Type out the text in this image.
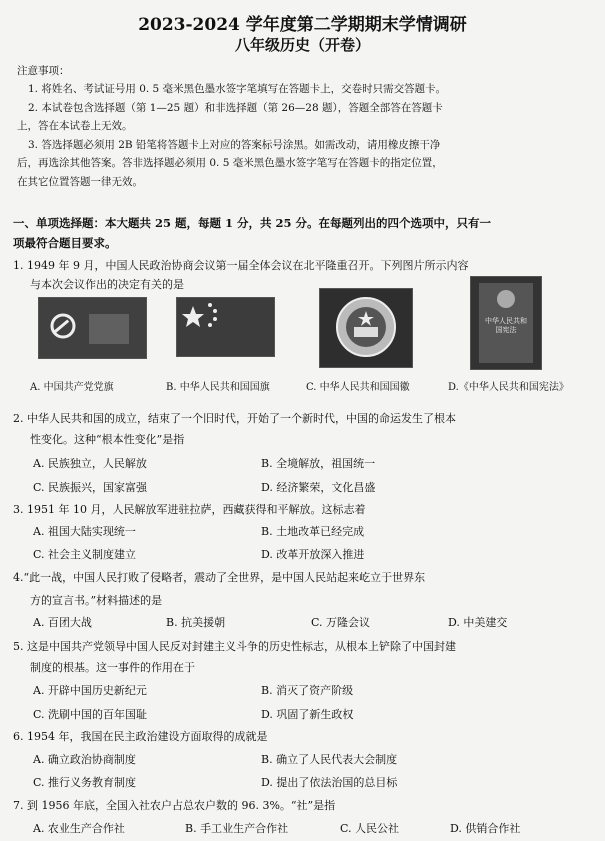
2023-2024 学年度第二学期期末学情调研
八年级历史（开卷）
注意事项：
1. 将姓名、考试证号用 0. 5 毫米黑色墨水签字笔填写在答题卡上，交卷时只需交答题卡。
2. 本试卷包含选择题（第 1—25 题）和非选择题（第 26—28 题），答题全部答在答题卡
上，答在本试卷上无效。
3. 答选择题必须用 2B 铅笔将答题卡上对应的答案标号涂黑。如需改动，请用橡皮擦干净
后，再选涂其他答案。答非选择题必须用 0. 5 毫米黑色墨水签字笔写在答题卡的指定位置，
在其它位置答题一律无效。
一、单项选择题：本大题共 25 题，每题 1 分，共 25 分。在每题列出的四个选项中，只有一
项最符合题目要求。
1. 1949 年 9 月，中国人民政治协商会议第一届全体会议在北平隆重召开。下列图片所示内容
与本次会议作出的决定有关的是
中华人民共和国宪法
A. 中国共产党党旗	B. 中华人民共和国国旗	C. 中华人民共和国国徽	D.《中华人民共和国宪法》
2. 中华人民共和国的成立，结束了一个旧时代，开始了一个新时代，中国的命运发生了根本
性变化。这种“根本性变化”是指
A. 民族独立，人民解放	B. 全境解放，祖国统一
C. 民族振兴，国家富强	D. 经济繁荣，文化昌盛
3. 1951 年 10 月，人民解放军进驻拉萨，西藏获得和平解放。这标志着
A. 祖国大陆实现统一	B. 土地改革已经完成
C. 社会主义制度建立	D. 改革开放深入推进
4.“此一战，中国人民打败了侵略者，震动了全世界，是中国人民站起来屹立于世界东
方的宣言书。”材料描述的是
A. 百团大战	B. 抗美援朝	C. 万隆会议	D. 中美建交
5. 这是中国共产党领导中国人民反对封建主义斗争的历史性标志，从根本上铲除了中国封建
制度的根基。这一事件的作用在于
A. 开辟中国历史新纪元	B. 消灭了资产阶级
C. 洗刷中国的百年国耻	D. 巩固了新生政权
6. 1954 年，我国在民主政治建设方面取得的成就是
A. 确立政治协商制度	B. 确立了人民代表大会制度
C. 推行义务教育制度	D. 提出了依法治国的总目标
7. 到 1956 年底，全国入社农户占总农户数的 96. 3%。“社”是指
A. 农业生产合作社	B. 手工业生产合作社	C. 人民公社	D. 供销合作社
